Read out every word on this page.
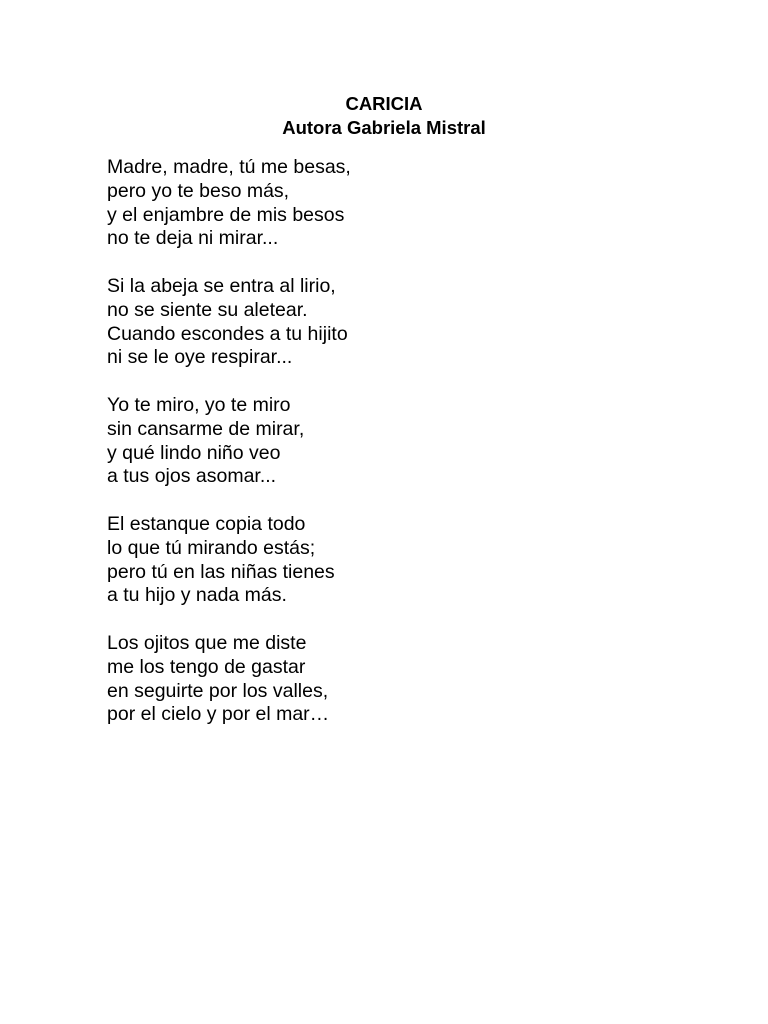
CARICIA
Autora Gabriela Mistral
Madre, madre, tú me besas,
pero yo te beso más,
y el enjambre de mis besos
no te deja ni mirar...
Si la abeja se entra al lirio,
no se siente su aletear.
Cuando escondes a tu hijito
ni se le oye respirar...
Yo te miro, yo te miro
sin cansarme de mirar,
y qué lindo niño veo
a tus ojos asomar...
El estanque copia todo
lo que tú mirando estás;
pero tú en las niñas tienes
a tu hijo y nada más.
Los ojitos que me diste
me los tengo de gastar
en seguirte por los valles,
por el cielo y por el mar…
